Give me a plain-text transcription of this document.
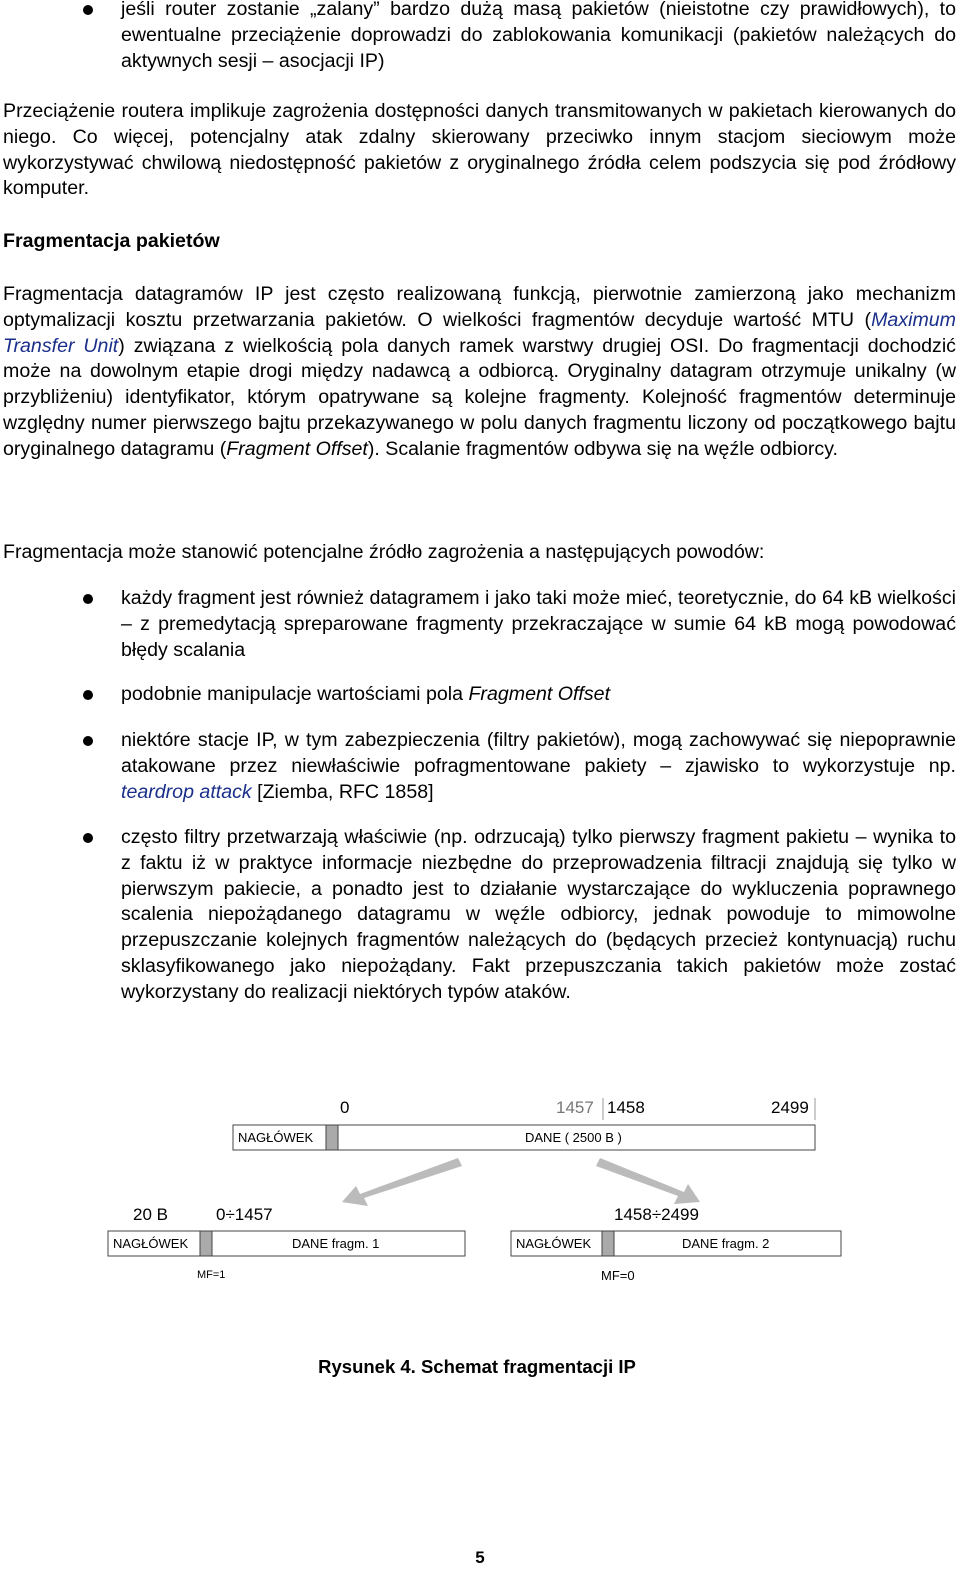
jeśli router zostanie „zalany” bardzo dużą masą pakietów (nieistotne czy prawidłowych), to ewentualne przeciążenie doprowadzi do zablokowania komunikacji (pakietów należących do aktywnych sesji – asocjacji IP)

Przeciążenie routera implikuje zagrożenia dostępności danych transmitowanych w pakietach kierowanych do niego. Co więcej, potencjalny atak zdalny skierowany przeciwko innym stacjom sieciowym może wykorzystywać chwilową niedostępność pakietów z oryginalnego źródła celem podszycia się pod źródłowy komputer.

Fragmentacja pakietów

Fragmentacja datagramów IP jest często realizowaną funkcją, pierwotnie zamierzoną jako mechanizm optymalizacji kosztu przetwarzania pakietów. O wielkości fragmentów decyduje wartość MTU (Maximum Transfer Unit) związana z wielkością pola danych ramek warstwy drugiej OSI. Do fragmentacji dochodzić może na dowolnym etapie drogi między nadawcą a odbiorcą. Oryginalny datagram otrzymuje unikalny (w przybliżeniu) identyfikator, którym opatrywane są kolejne fragmenty. Kolejność fragmentów determinuje względny numer pierwszego bajtu przekazywanego w polu danych fragmentu liczony od początkowego bajtu oryginalnego datagramu (Fragment Offset). Scalanie fragmentów odbywa się na węźle odbiorcy.

Fragmentacja może stanowić potencjalne źródło zagrożenia a następujących powodów:

każdy fragment jest również datagramem i jako taki może mieć, teoretycznie, do 64 kB wielkości – z premedytacją spreparowane fragmenty przekraczające w sumie 64 kB mogą powodować błędy scalania

podobnie manipulacje wartościami pola Fragment Offset

niektóre stacje IP, w tym zabezpieczenia (filtry pakietów), mogą zachowywać się niepoprawnie atakowane przez niewłaściwie pofragmentowane pakiety – zjawisko to wykorzystuje np. teardrop attack [Ziemba, RFC 1858]

często filtry przetwarzają właściwie (np. odrzucają) tylko pierwszy fragment pakietu – wynika to z faktu iż w praktyce informacje niezbędne do przeprowadzenia filtracji znajdują się tylko w pierwszym pakiecie, a ponadto jest to działanie wystarczające do wykluczenia poprawnego scalenia niepożądanego datagramu w węźle odbiorcy, jednak powoduje to mimowolne przepuszczanie kolejnych fragmentów należących do (będących przecież kontynuacją) ruchu sklasyfikowanego jako niepożądany. Fakt przepuszczania takich pakietów może zostać wykorzystany do realizacji niektórych typów ataków.

0	1457 1458	2499
NAGŁÓWEK	DANE ( 2500 B )
20 B	0÷1457	1458÷2499
NAGŁÓWEK	DANE fragm. 1
MF=1
NAGŁÓWEK	DANE fragm. 2
MF=0
Rysunek 4. Schemat fragmentacji IP
5
